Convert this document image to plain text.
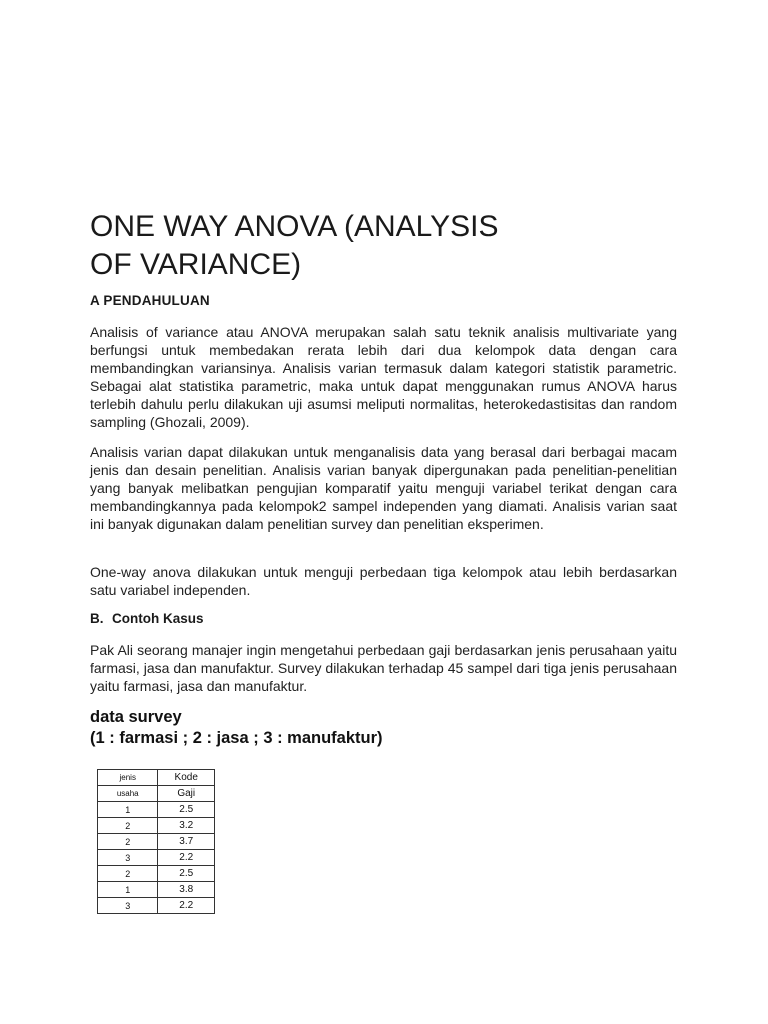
ONE WAY ANOVA (ANALYSIS
OF VARIANCE)
A PENDAHULUAN

Analisis of variance atau ANOVA merupakan salah satu teknik analisis multivariate yang berfungsi untuk membedakan rerata lebih dari dua kelompok data dengan cara membandingkan variansinya. Analisis varian termasuk dalam kategori statistik parametric. Sebagai alat statistika parametric, maka untuk dapat menggunakan rumus ANOVA harus terlebih dahulu perlu dilakukan uji asumsi meliputi normalitas, heterokedastisitas dan random sampling (Ghozali, 2009).

Analisis varian dapat dilakukan untuk menganalisis data yang berasal dari berbagai macam jenis dan desain penelitian. Analisis varian banyak dipergunakan pada penelitian-penelitian yang banyak melibatkan pengujian komparatif yaitu menguji variabel terikat dengan cara membandingkannya pada kelompok2 sampel independen yang diamati. Analisis varian saat ini banyak digunakan dalam penelitian survey dan penelitian eksperimen.

One-way anova dilakukan untuk menguji perbedaan tiga kelompok atau lebih berdasarkan satu variabel independen.

B. Contoh Kasus

Pak Ali seorang manajer ingin mengetahui perbedaan gaji berdasarkan jenis perusahaan yaitu farmasi, jasa dan manufaktur. Survey dilakukan terhadap 45 sampel dari tiga jenis perusahaan yaitu farmasi, jasa dan manufaktur.

data survey
(1 : farmasi ; 2 : jasa ; 3 : manufaktur)
jenis	Kode
usaha	Gaji
1	2.5
2	3.2
2	3.7
3	2.2
2	2.5
1	3.8
3	2.2
